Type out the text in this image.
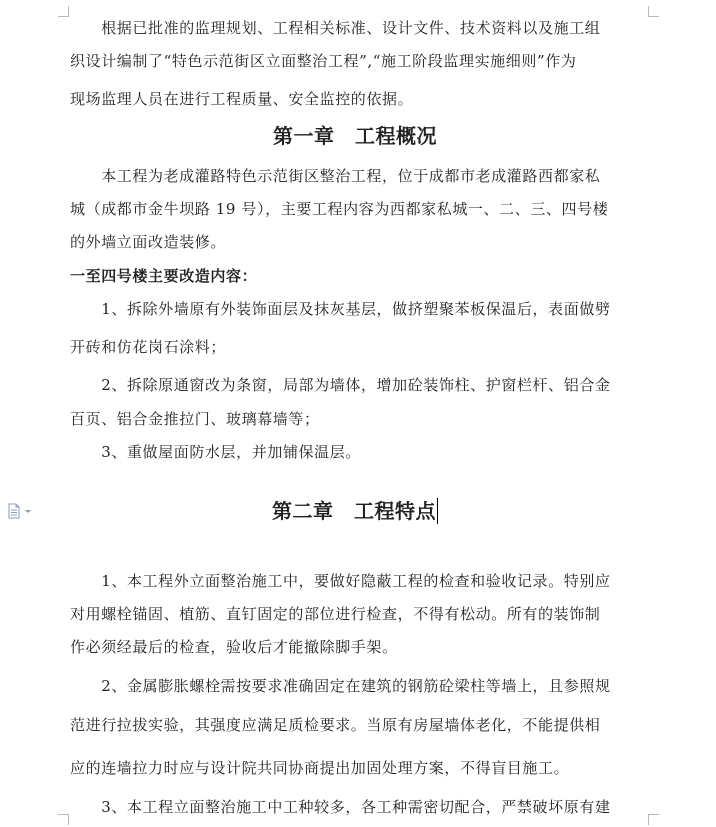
　　根据已批准的监理规划、工程相关标准、设计文件、技术资料以及施工组
织设计编制了“特色示范街区立面整治工程”,“施工阶段监理实施细则”作为
现场监理人员在进行工程质量、安全监控的依据。
第一章　工程概况
　　本工程为老成灌路特色示范街区整治工程，位于成都市老成灌路西都家私
城（成都市金牛坝路 19 号），主要工程内容为西都家私城一、二、三、四号楼
的外墙立面改造装修。
一至四号楼主要改造内容：
　　1、拆除外墙原有外装饰面层及抹灰基层，做挤塑聚苯板保温后，表面做劈
开砖和仿花岗石涂料；
　　2、拆除原通窗改为条窗，局部为墙体，增加砼装饰柱、护窗栏杆、铝合金
百页、铝合金推拉门、玻璃幕墙等；
　　3、重做屋面防水层，并加铺保温层。
第二章　工程特点
　　1、本工程外立面整治施工中，要做好隐蔽工程的检查和验收记录。特别应
对用螺栓锚固、植筋、直钉固定的部位进行检查，不得有松动。所有的装饰制
作必须经最后的检查，验收后才能撤除脚手架。
　　2、金属膨胀螺栓需按要求准确固定在建筑的钢筋砼梁柱等墙上，且参照规
范进行拉拔实验，其强度应满足质检要求。当原有房屋墙体老化，不能提供相
应的连墙拉力时应与设计院共同协商提出加固处理方案，不得盲目施工。
　　3、本工程立面整治施工中工种较多，各工种需密切配合，严禁破坏原有建
